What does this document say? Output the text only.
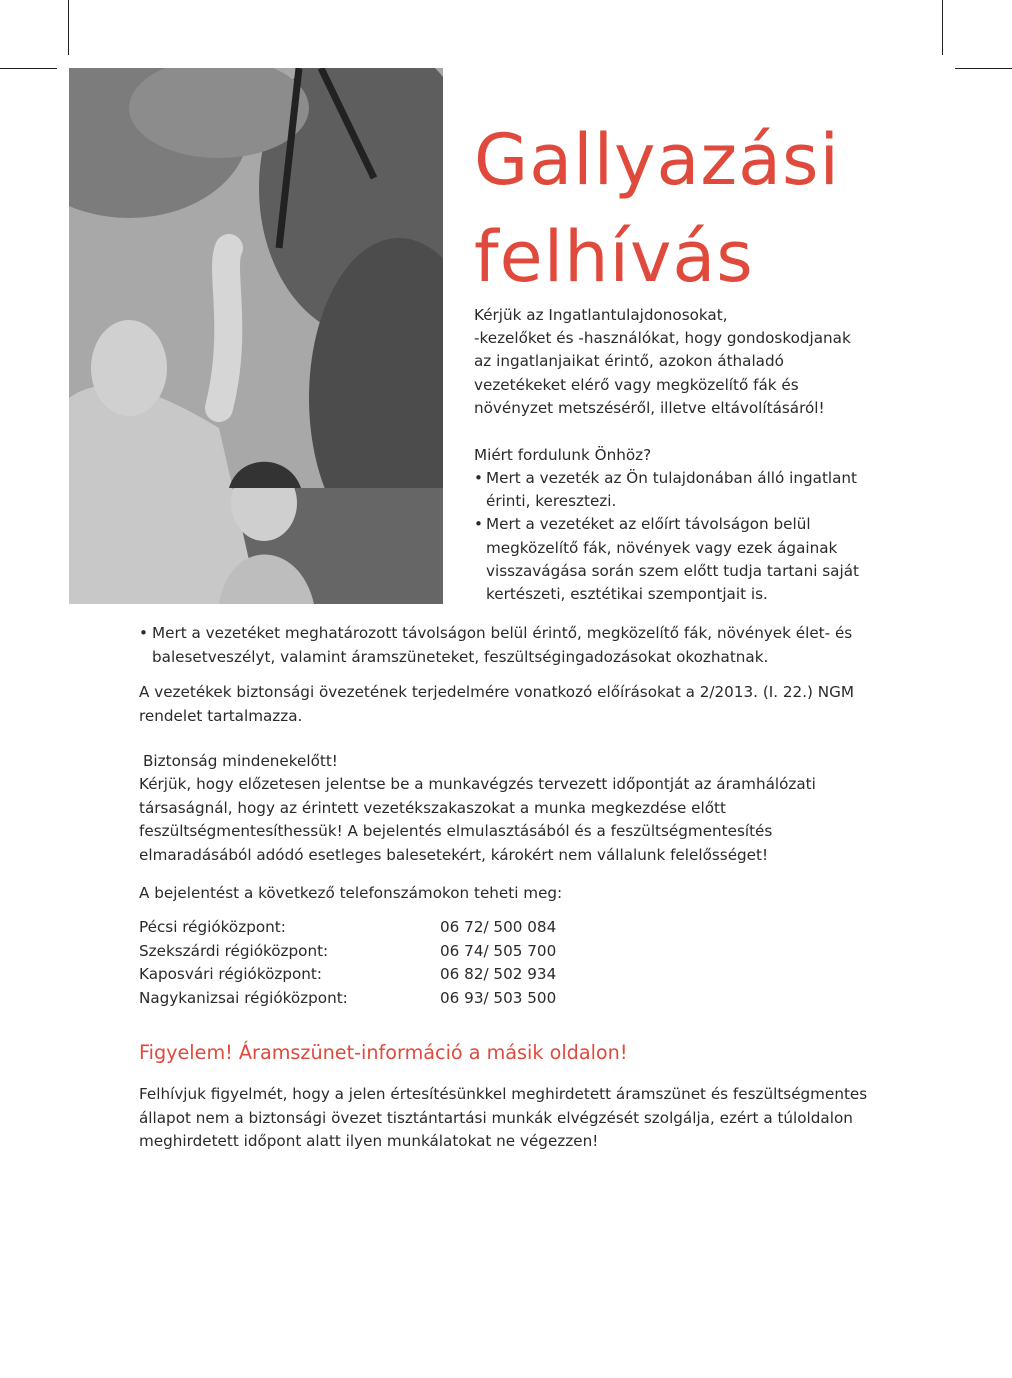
Gallyazási
felhívás

Kérjük az Ingatlantulajdonosokat,

-kezelőket és -használókat, hogy gondoskodjanak

az ingatlanjaikat érintő, azokon áthaladó

vezetékeket elérő vagy megközelítő fák és

növényzet metszéséről, illetve eltávolításáról!

Miért fordulunk Önhöz?
• Mert a vezeték az Ön tulajdonában álló ingatlant érinti, keresztezi.
• Mert a vezetéket az előírt távolságon belül megközelítő fák, növények vagy ezek ágainak visszavágása során szem előtt tudja tartani saját kertészeti, esztétikai szempontjait is.
• Mert a vezetéket meghatározott távolságon belül érintő, megközelítő fák, növények élet- és balesetveszélyt, valamint áramszüneteket, feszültségingadozásokat okozhatnak.

A vezetékek biztonsági övezetének terjedelmére vonatkozó előírásokat a 2/2013. (I. 22.) NGM rendelet tartalmazza.

Biztonság mindenekelőtt!

Kérjük, hogy előzetesen jelentse be a munkavégzés tervezett időpontját az áramhálózati társaságnál, hogy az érintett vezetékszakaszokat a munka megkezdése előtt feszültségmentesíthessük! A bejelentés elmulasztásából és a feszültségmentesítés elmaradásából adódó esetleges balesetekért, károkért nem vállalunk felelősséget!

A bejelentést a következő telefonszámokon teheti meg:

Pécsi régióközpont:	06 72/ 500 084
Szekszárdi régióközpont:	06 74/ 505 700
Kaposvári régióközpont:	06 82/ 502 934
Nagykanizsai régióközpont:	06 93/ 503 500
Figyelem! Áramszünet-információ a másik oldalon!

Felhívjuk figyelmét, hogy a jelen értesítésünkkel meghirdetett áramszünet és feszültségmentes állapot nem a biztonsági övezet tisztántartási munkák elvégzését szolgálja, ezért a túloldalon meghirdetett időpont alatt ilyen munkálatokat ne végezzen!
